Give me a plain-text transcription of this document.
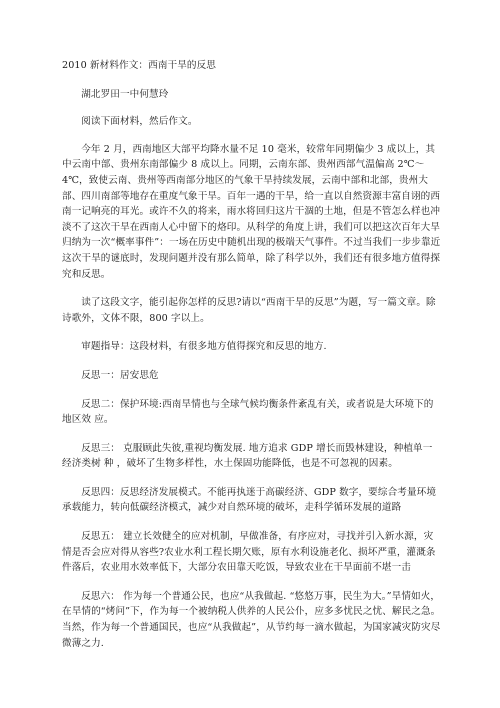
2010 新材料作文：西南干旱的反思

湖北罗田一中何慧玲

阅读下面材料，然后作文。

今年 2 月，西南地区大部平均降水量不足 10 毫米，较常年同期偏少 3 成以上，其中云南中部、贵州东南部偏少 8 成以上。同期，云南东部、贵州西部气温偏高 2℃～4℃，致使云南、贵州等西南部分地区的气象干旱持续发展，云南中部和北部，贵州大部、四川南部等地存在重度气象干旱。百年一遇的干旱，给一直以自然资源丰富自诩的西南一记响亮的耳光。或许不久的将来，雨水将回归这片干涸的土地，但是不管怎么样也冲淡不了这次干旱在西南人心中留下的烙印。从科学的角度上讲，我们可以把这次百年大旱归纳为一次“概率事件”：一场在历史中随机出现的极端天气事件。不过当我们一步步靠近这次干旱的谜底时，发现问题并没有那么简单，除了科学以外，我们还有很多地方值得探究和反思。

读了这段文字，能引起你怎样的反思?请以“西南干旱的反思”为题，写一篇文章。除诗歌外，文体不限，800 字以上。

审题指导：这段材料，有很多地方值得探究和反思的地方.

反思一：居安思危

反思二：保护环境:西南旱情也与全球气候均衡条件紊乱有关，或者说是大环境下的地区效 应。

反思三： 克服顾此失彼,重视均衡发展. 地方追求 GDP 增长而毁林建设，种植单一经济类树 种 ，破坏了生物多样性，水土保固功能降低，也是不可忽视的因素。

反思四：反思经济发展模式。不能再执迷于高碳经济、GDP 数字，要综合考量环境承载能力，转向低碳经济模式，减少对自然环境的破坏，走科学循环发展的道路

反思五： 建立长效健全的应对机制，早做准备，有序应对，寻找并引入新水源，灾情是否会应对得从容些?农业水利工程长期欠账，原有水利设施老化、损坏严重，灌溉条件落后，农业用水效率低下，大部分农田靠天吃饭，导致农业在干旱面前不堪一击

反思六： 作为每一个普通公民，也应“从我做起. “悠悠万事，民生为大。”旱情如火，在旱情的“烤问”下，作为每一个被纳税人供养的人民公仆，应多多忧民之忧、解民之急。当然，作为每一个普通国民，也应“从我做起”，从节约每一滴水做起，为国家减灾防灾尽微薄之力.
